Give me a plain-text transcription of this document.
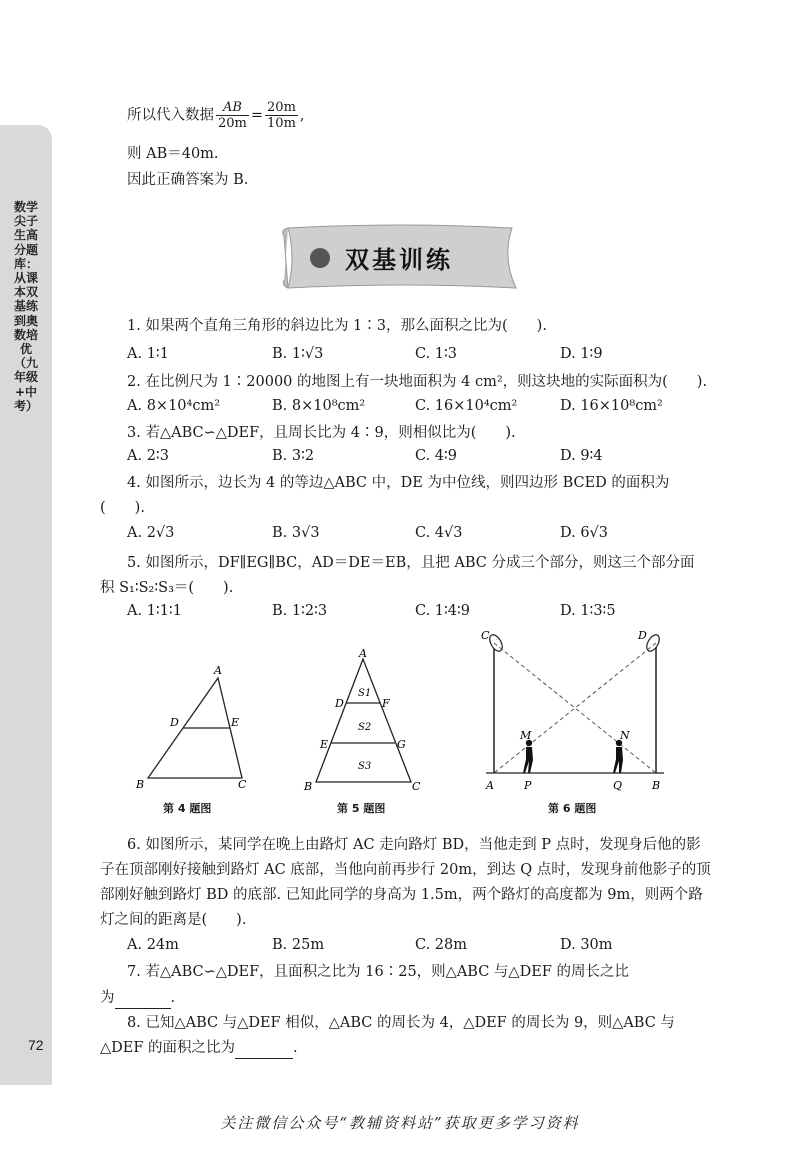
数学尖子生高分题库：从课本双基练到奥数培优（九年级+中考）
72
所以代入数据 $\frac{AB}{20m} = \frac{20m}{10m}$ ,
则 AB＝40m.
因此正确答案为 B.
双基训练
1. 如果两个直角三角形的斜边比为 1∶3，那么面积之比为(　　).
A. 1∶1	B. 1∶√3	C. 1∶3	D. 1∶9
2. 在比例尺为 1∶20000 的地图上有一块地面积为 4 cm²，则这块地的实际面积为(　　).
A. 8×10⁴cm²	B. 8×10⁸cm²	C. 16×10⁴cm²	D. 16×10⁸cm²
3. 若△ABC∽△DEF，且周长比为 4∶9，则相似比为(　　).
A. 2∶3	B. 3∶2	C. 4∶9	D. 9∶4
4. 如图所示，边长为 4 的等边△ABC 中，DE 为中位线，则四边形 BCED 的面积为
(　　).
A. 2√3	B. 3√3	C. 4√3	D. 6√3
5. 如图所示，DF∥EG∥BC，AD＝DE＝EB，且把 ABC 分成三个部分，则这三个部分面
积 S₁∶S₂∶S₃＝(　　).
A. 1∶1∶1	B. 1∶2∶3	C. 1∶4∶9	D. 1∶3∶5
A
B	C
D	E
第 4 题图
A
B	C
D
E
F
G
S1
S2
S3
第 5 题图
C	D
A	B
M	N
P	Q
第 6 题图
6. 如图所示，某同学在晚上由路灯 AC 走向路灯 BD，当他走到 P 点时，发现身后他的影
子在顶部刚好接触到路灯 AC 底部，当他向前再步行 20m，到达 Q 点时，发现身前他影子的顶
部刚好触到路灯 BD 的底部. 已知此同学的身高为 1.5m，两个路灯的高度都为 9m，则两个路
灯之间的距离是(　　).
A. 24m	B. 25m	C. 28m	D. 30m
7. 若△ABC∽△DEF，且面积之比为 16∶25，则△ABC 与△DEF 的周长之比
为	.
8. 已知△ABC 与△DEF 相似，△ABC 的周长为 4，△DEF 的周长为 9，则△ABC 与
△DEF 的面积之比为	.
关注微信公众号“教辅资料站”获取更多学习资料
